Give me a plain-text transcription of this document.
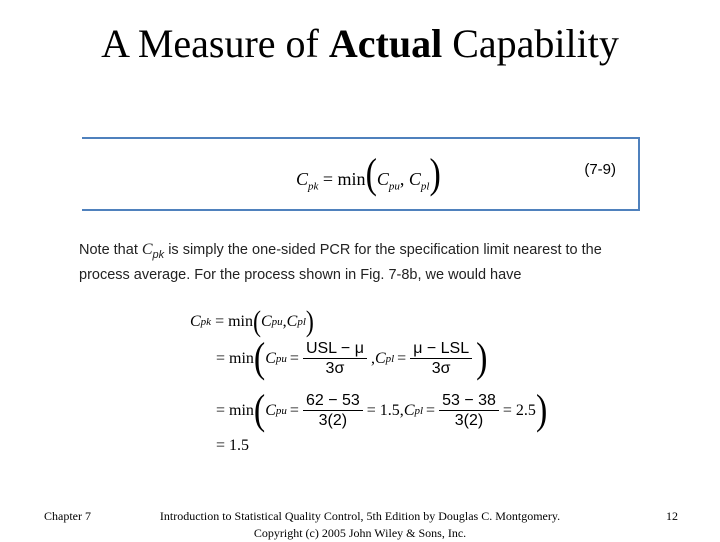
A Measure of Actual Capability
$C_{pk} = \min(C_{pu}$, $C_{pl}$)	(7-9)
Note that $C_{pk}$ is simply the one-sided PCR for the specification limit nearest to the process average. For the process shown in Fig. 7-8b, we would have
C pk = min ( C pu , C pl )
= min ( C pu = $\frac{\text{USL − μ}}{3\sigma}$ , C pl = $\frac{\text{μ − LSL}}{3\sigma}$ )
= min ( C pu = $\frac{62 - 53}{3(2)} = 1.5$, C pl = $\frac{53 - 38}{3(2)} = 2.5$ )
= 1.5
Chapter 7	Introduction to Statistical Quality Control, 5th Edition by Douglas C. Montgomery.
Copyright (c) 2005 John Wiley & Sons, Inc.
12
